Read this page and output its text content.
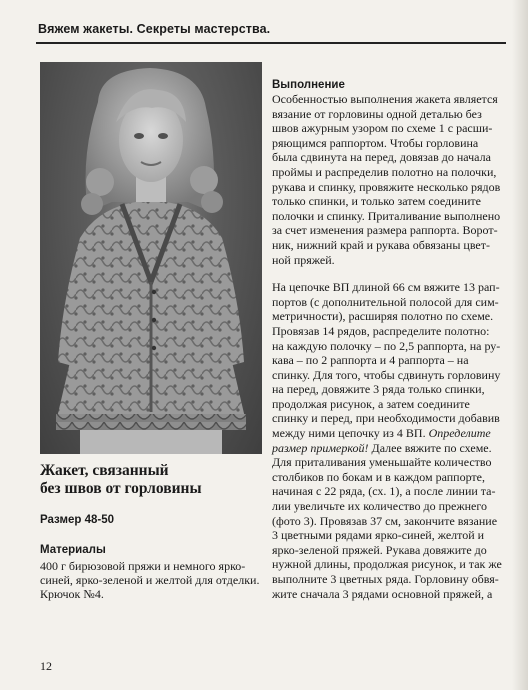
Вяжем жакеты. Секреты мастерства.
Жакет, связанный
без швов от горловины
Размер 48-50
Материалы
400 г бирюзовой пряжи и немного ярко-
синей, ярко-зеленой и желтой для отделки.
Крючок №4.
Выполнение

Особенностью выполнения жакета является
вязание от горловины одной деталью без
швов ажурным узором по схеме 1 с расши-
ряющимся раппортом. Чтобы горловина
была сдвинута на перед, довязав до начала
проймы и распределив полотно на полочки,
рукава и спинку, провяжите несколько рядов
только спинки, и только затем соедините
полочки и спинку. Приталивание выполнено
за счет изменения размера раппорта. Ворот-
ник, нижний край и рукава обвязаны цвет-
ной пряжей.

На цепочке ВП длиной 66 см вяжите 13 рап-
портов (с дополнительной полосой для сим-
метричности), расширяя полотно по схеме.
Провязав 14 рядов, распределите полотно:
на каждую полочку – по 2,5 раппорта, на ру-
кава – по 2 раппорта и 4 раппорта – на
спинку. Для того, чтобы сдвинуть горловину
на перед, довяжите 3 ряда только спинки,
продолжая рисунок, а затем соедините
спинку и перед, при необходимости добавив
между ними цепочку из 4 ВП. Определите
размер примеркой! Далее вяжите по схеме.
Для приталивания уменьшайте количество
столбиков по бокам и в каждом раппорте,
начиная с 22 ряда, (сх. 1), а после линии та-
лии увеличьте их количество до прежнего
(фото 3). Провязав 37 см, закончите вязание
3 цветными рядами ярко-синей, желтой и
ярко-зеленой пряжей. Рукава довяжите до
нужной длины, продолжая рисунок, и так же
выполните 3 цветных ряда. Горловину обвя-
жите сначала 3 рядами основной пряжей, а

12
